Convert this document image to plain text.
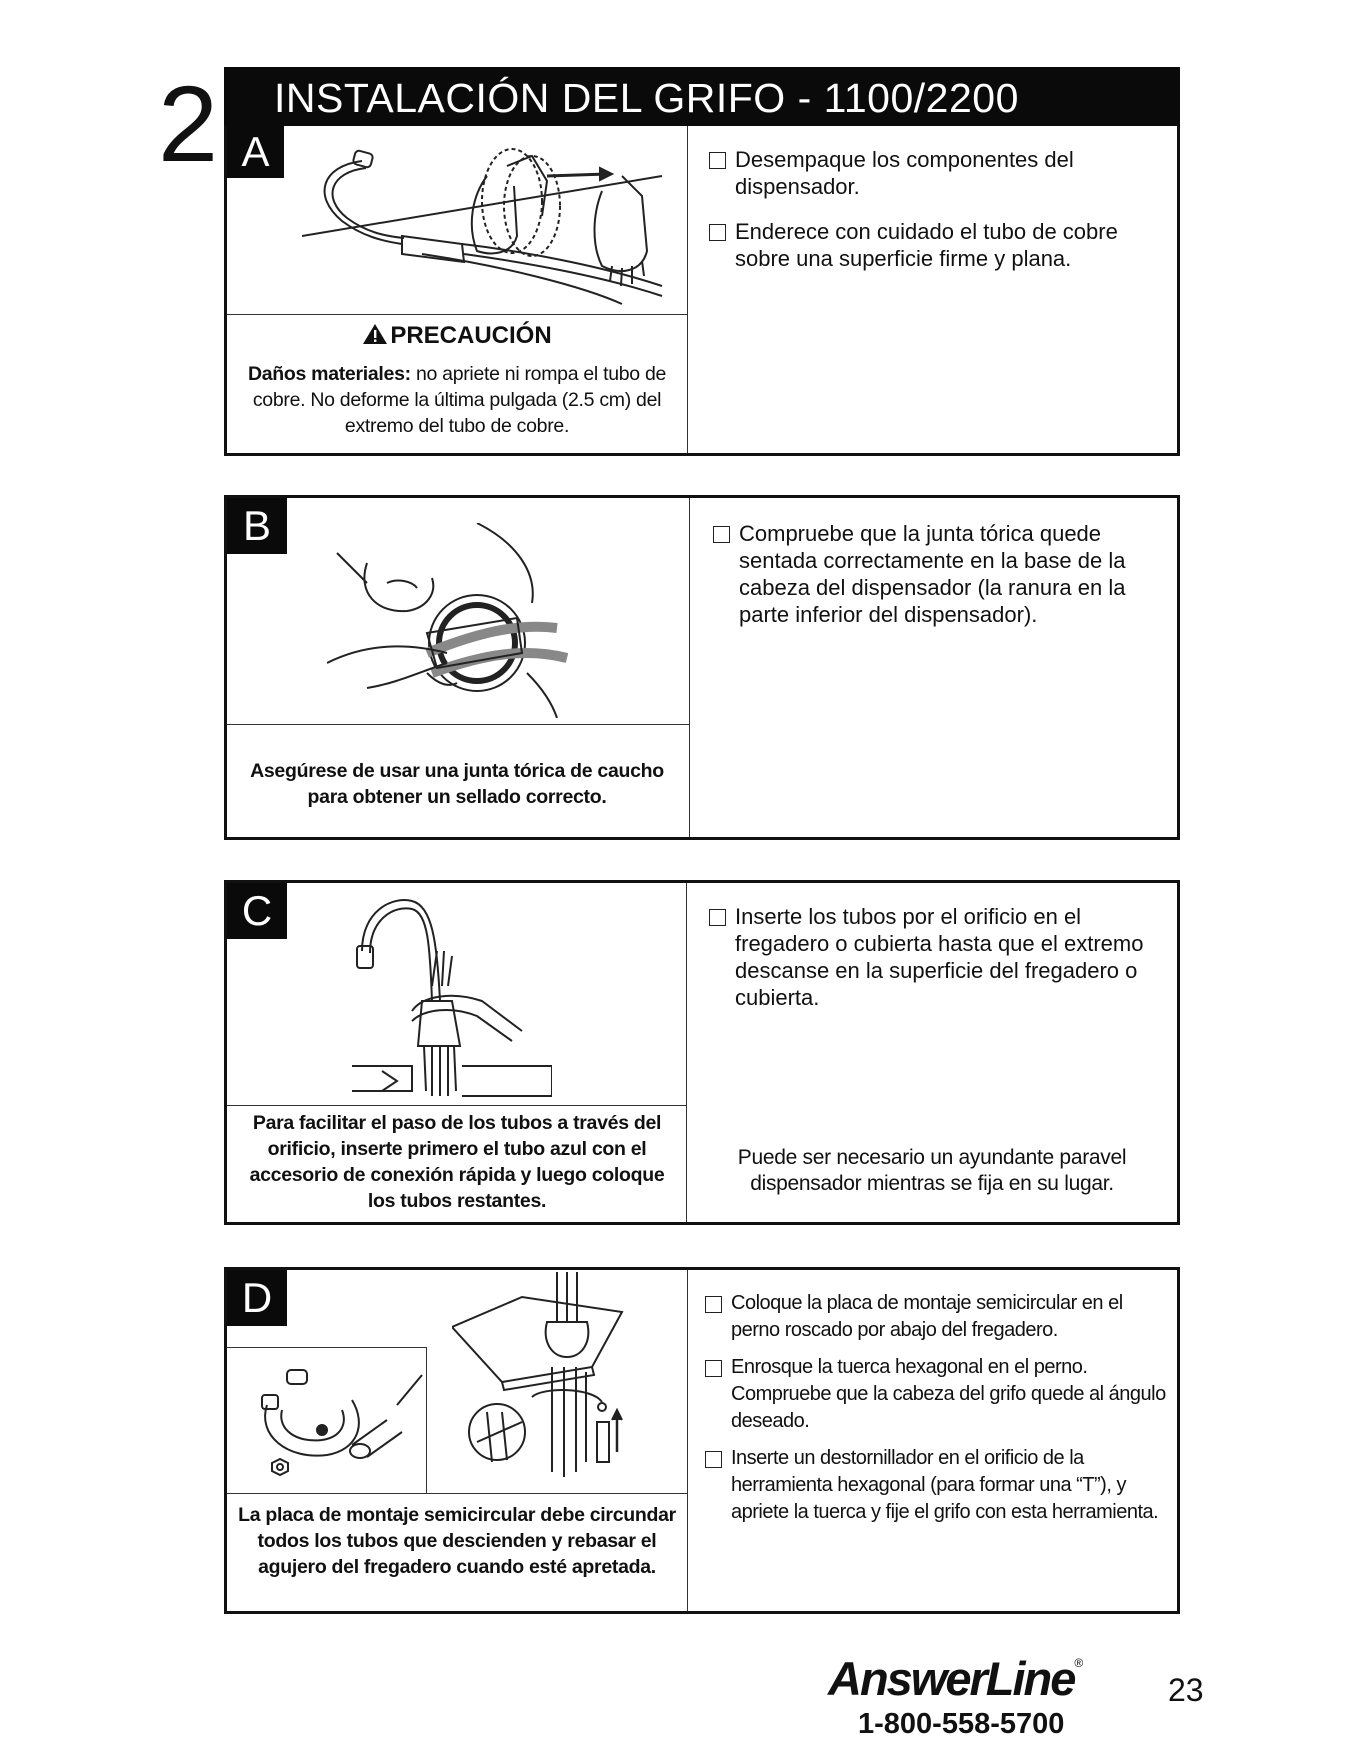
2 INSTALACIÓN DEL GRIFO - 1100/2200
A
PRECAUCIÓN
Daños materiales: no apriete ni rompa el tubo de cobre. No deforme la última pulgada (2.5 cm) del extremo del tubo de cobre.
Desempaque los componentes del dispensador.
Enderece con cuidado el tubo de cobre sobre una superficie firme y plana.
B
Asegúrese de usar una junta tórica de caucho para obtener un sellado correcto.
Compruebe que la junta tórica quede sentada correctamente en la base de la cabeza del dispensador (la ranura en la parte inferior del dispensador).
C
Para facilitar el paso de los tubos a través del orificio, inserte primero el tubo azul con el accesorio de conexión rápida y luego coloque los tubos restantes.
Inserte los tubos por el orificio en el fregadero o cubierta hasta que el extremo descanse en la superficie del fregadero o cubierta.
Puede ser necesario un ayundante paravel dispensador mientras se fija en su lugar.
D
La placa de montaje semicircular debe circundar todos los tubos que descienden y rebasar el agujero del fregadero cuando esté apretada.
Coloque la placa de montaje semicircular en el perno roscado por abajo del fregadero.
Enrosque la tuerca hexagonal en el perno. Compruebe que la cabeza del grifo quede al ángulo deseado.
Inserte un destornillador en el orificio de la herramienta hexagonal (para formar una “T”), y apriete la tuerca y fije el grifo con esta herramienta.
AnswerLine®
1-800-558-5700
23
